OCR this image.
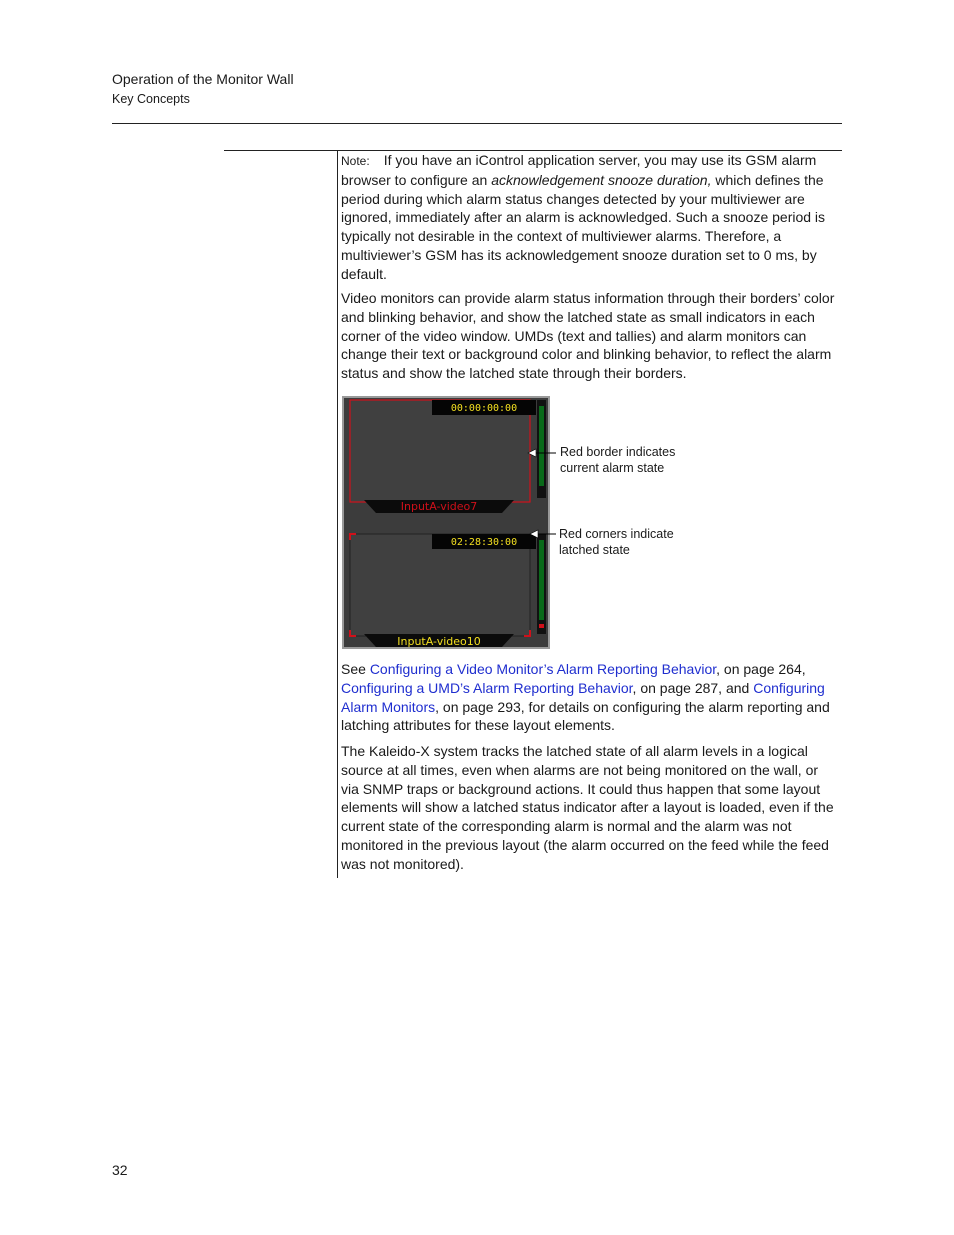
Operation of the Monitor Wall
Key Concepts

Note: If you have an iControl application server, you may use its GSM alarm browser to configure an acknowledgement snooze duration, which defines the period during which alarm status changes detected by your multiviewer are ignored, immediately after an alarm is acknowledged. Such a snooze period is typically not desirable in the context of multiviewer alarms. Therefore, a multiviewer’s GSM has its acknowledgement snooze duration set to 0 ms, by default.

Video monitors can provide alarm status information through their borders’ color and blinking behavior, and show the latched state as small indicators in each corner of the video window. UMDs (text and tallies) and alarm monitors can change their text or background color and blinking behavior, to reflect the alarm status and show the latched state through their borders.

00:00:00:00
InputA-video7
02:28:30:00
InputA-video10
Red border indicates
current alarm state
Red corners indicate
latched state

See Configuring a Video Monitor’s Alarm Reporting Behavior, on page 264, Configuring a UMD’s Alarm Reporting Behavior, on page 287, and Configuring Alarm Monitors, on page 293, for details on configuring the alarm reporting and latching attributes for these layout elements.

The Kaleido-X system tracks the latched state of all alarm levels in a logical source at all times, even when alarms are not being monitored on the wall, or via SNMP traps or background actions. It could thus happen that some layout elements will show a latched status indicator after a layout is loaded, even if the current state of the corresponding alarm is normal and the alarm was not monitored in the previous layout (the alarm occurred on the feed while the feed was not monitored).

32
